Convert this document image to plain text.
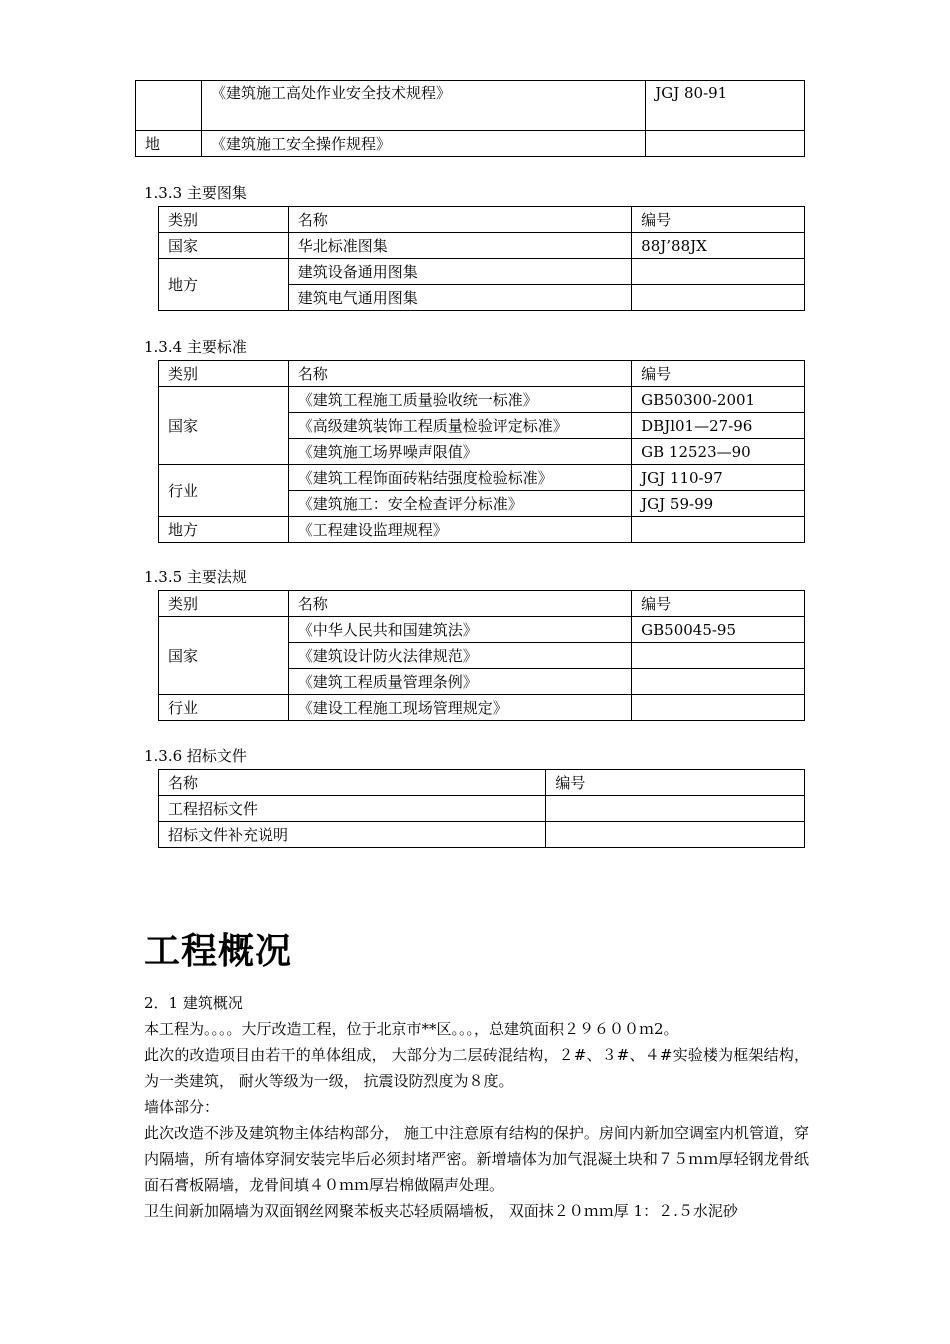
	《建筑施工高处作业安全技术规程》	JGJ 80-91
地	《建筑施工安全操作规程》	
1.3.3 主要图集
类别	名称	编号
国家	华北标准图集	88J’88JX
地方	建筑设备通用图集	
	建筑电气通用图集	
1.3.4 主要标准
类别	名称	编号
国家	《建筑工程施工质量验收统一标准》	GB50300-2001
	《高级建筑装饰工程质量检验评定标准》	DBJl01—27-96
	《建筑施工场界噪声限值》	GB 12523—90
行业	《建筑工程饰面砖粘结强度检验标准》	JGJ 110-97
	《建筑施工：安全检查评分标准》	JGJ 59-99
地方	《工程建设监理规程》	
1.3.5 主要法规
类别	名称	编号
国家	《中华人民共和国建筑法》	GB50045-95
	《建筑设计防火法律规范》	
	《建筑工程质量管理条例》	
行业	《建设工程施工现场管理规定》	
1.3.6 招标文件
名称	编号
工程招标文件	
招标文件补充说明	
工程概况
2．1 建筑概况

本工程为。。。。大厅改造工程，位于北京市**区。。。，总建筑面积２９６００ｍ2。

此次的改造项目由若干的单体组成， 大部分为二层砖混结构，２#、３#、４#实验楼为框架结构， 为一类建筑， 耐火等级为一级， 抗震设防烈度为８度。

墙体部分：

此次改造不涉及建筑物主体结构部分， 施工中注意原有结构的保护。房间内新加空调室内机管道，穿内隔墙，所有墙体穿洞安装完毕后必须封堵严密。新增墙体为加气混凝土块和７５ｍｍ厚轻钢龙骨纸面石膏板隔墙，龙骨间填４０ｍｍ厚岩棉做隔声处理。

卫生间新加隔墙为双面钢丝网聚苯板夹芯轻质隔墙板， 双面抹２０ｍｍ厚 1：２.５水泥砂
